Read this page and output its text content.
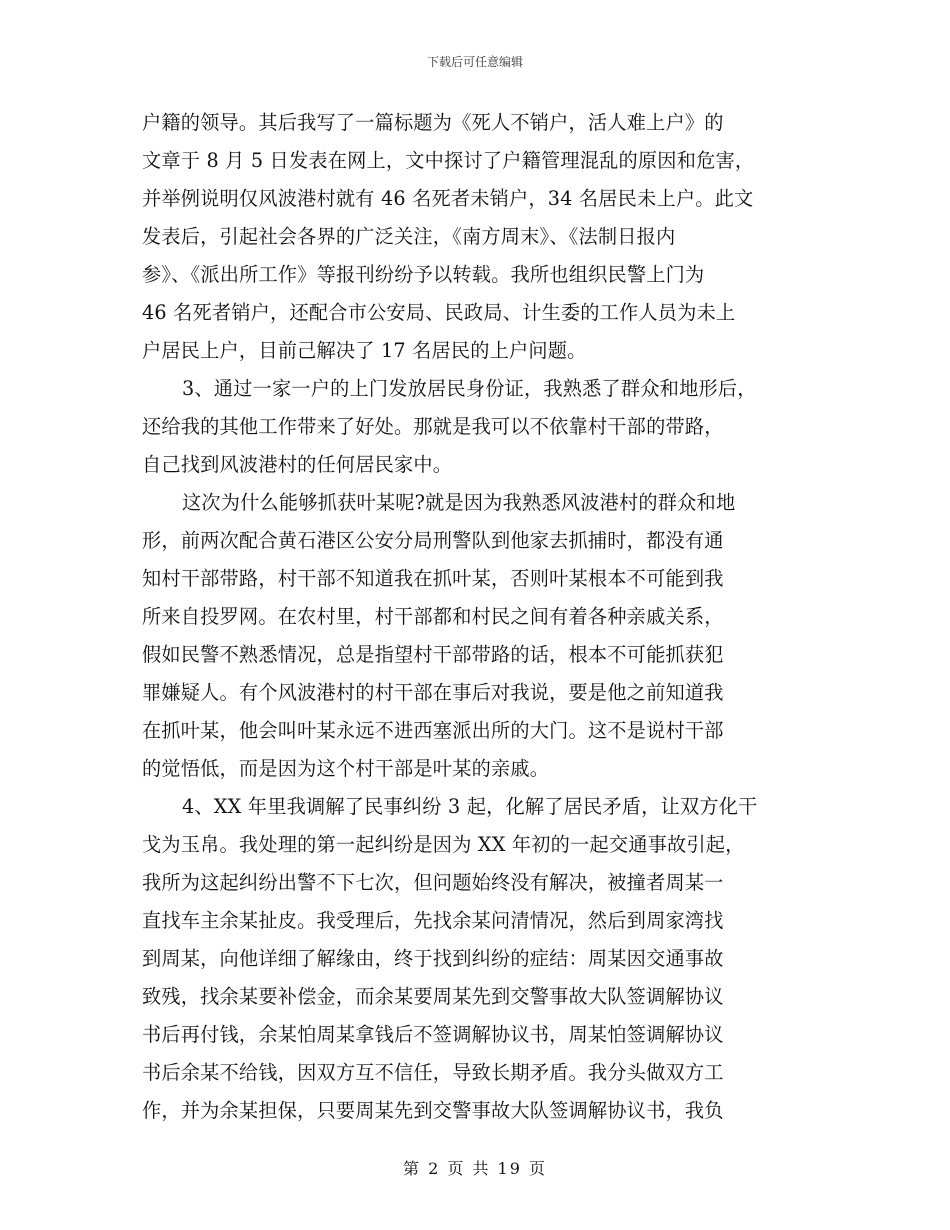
下载后可任意编辑
户籍的领导。其后我写了一篇标题为《死人不销户，活人难上户》的
文章于 8 月 5 日发表在网上，文中探讨了户籍管理混乱的原因和危害，
并举例说明仅风波港村就有 46 名死者未销户，34 名居民未上户。此文
发表后，引起社会各界的广泛关注，《南方周末》、《法制日报内
参》、《派出所工作》等报刊纷纷予以转载。我所也组织民警上门为
46 名死者销户，还配合市公安局、民政局、计生委的工作人员为未上
户居民上户，目前己解决了 17 名居民的上户问题。
3、通过一家一户的上门发放居民身份证，我熟悉了群众和地形后，
还给我的其他工作带来了好处。那就是我可以不依靠村干部的带路，
自己找到风波港村的任何居民家中。
这次为什么能够抓获叶某呢?就是因为我熟悉风波港村的群众和地
形，前两次配合黄石港区公安分局刑警队到他家去抓捕时，都没有通
知村干部带路，村干部不知道我在抓叶某，否则叶某根本不可能到我
所来自投罗网。在农村里，村干部都和村民之间有着各种亲戚关系，
假如民警不熟悉情况，总是指望村干部带路的话，根本不可能抓获犯
罪嫌疑人。有个风波港村的村干部在事后对我说，要是他之前知道我
在抓叶某，他会叫叶某永远不进西塞派出所的大门。这不是说村干部
的觉悟低，而是因为这个村干部是叶某的亲戚。
4、XX 年里我调解了民事纠纷 3 起，化解了居民矛盾，让双方化干
戈为玉帛。我处理的第一起纠纷是因为 XX 年初的一起交通事故引起，
我所为这起纠纷出警不下七次，但问题始终没有解决，被撞者周某一
直找车主余某扯皮。我受理后，先找余某问清情况，然后到周家湾找
到周某，向他详细了解缘由，终于找到纠纷的症结：周某因交通事故
致残，找余某要补偿金，而余某要周某先到交警事故大队签调解协议
书后再付钱，余某怕周某拿钱后不签调解协议书，周某怕签调解协议
书后余某不给钱，因双方互不信任，导致长期矛盾。我分头做双方工
作，并为余某担保，只要周某先到交警事故大队签调解协议书，我负
第 2 页 共 19 页
